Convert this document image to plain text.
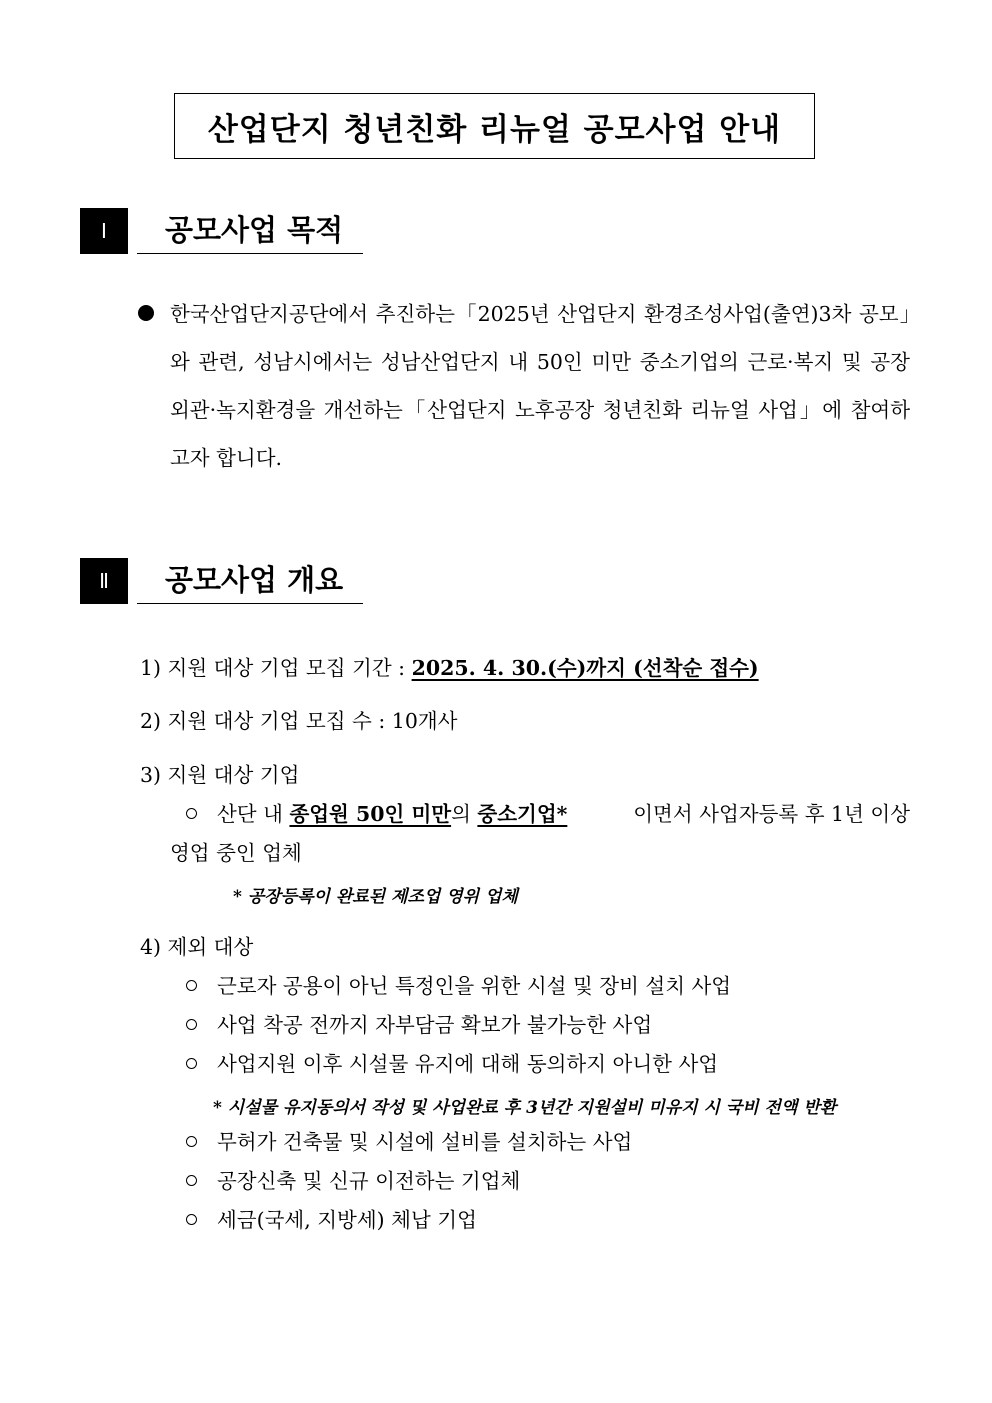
산업단지 청년친화 리뉴얼 공모사업 안내
Ⅰ	공모사업 목적
한국산업단지공단에서 추진하는「2025년 산업단지 환경조성사업(출연)3차 공모」와 관련, 성남시에서는 성남산업단지 내 50인 미만 중소기업의 근로·복지 및 공장 외관·녹지환경을 개선하는「산업단지 노후공장 청년친화 리뉴얼 사업」에 참여하고자 합니다.
Ⅱ	공모사업 개요
1) 지원 대상 기업 모집 기간 : 2025. 4. 30.(수)까지 (선착순 접수)
2) 지원 대상 기업 모집 수 : 10개사
3) 지원 대상 기업
산단 내 종업원 50인 미만의 중소기업*	이면서 사업자등록 후 1년 이상
영업 중인 업체
* 공장등록이 완료된 제조업 영위 업체
4) 제외 대상
근로자 공용이 아닌 특정인을 위한 시설 및 장비 설치 사업
사업 착공 전까지 자부담금 확보가 불가능한 사업
사업지원 이후 시설물 유지에 대해 동의하지 아니한 사업
* 시설물 유지동의서 작성 및 사업완료 후 3년간 지원설비 미유지 시 국비 전액 반환
무허가 건축물 및 시설에 설비를 설치하는 사업
공장신축 및 신규 이전하는 기업체
세금(국세, 지방세) 체납 기업
